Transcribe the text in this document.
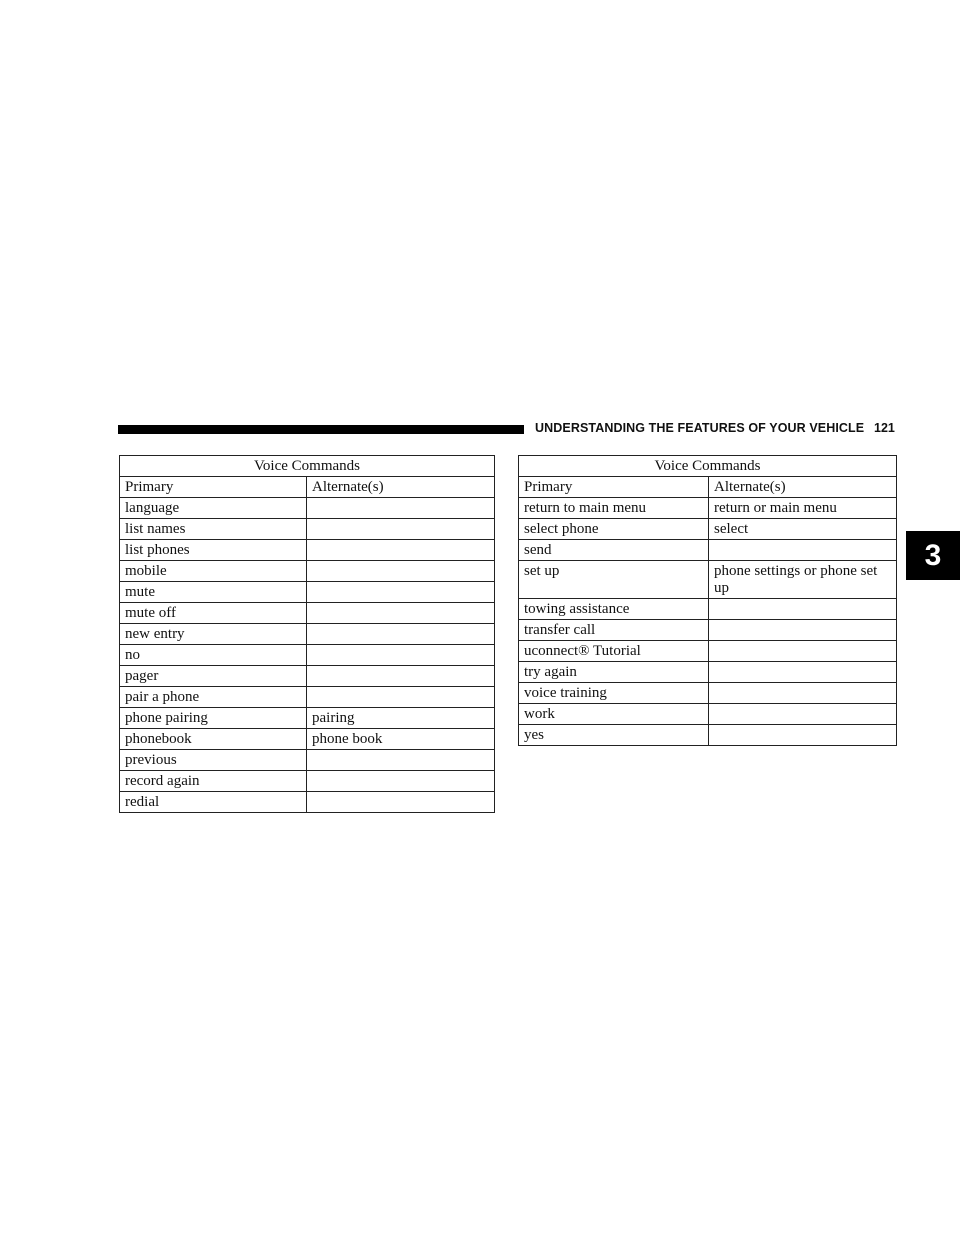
UNDERSTANDING THE FEATURES OF YOUR VEHICLE 121
3
Voice Commands	
Primary	Alternate(s)
language	
list names	
list phones	
mobile	
mute	
mute off	
new entry	
no	
pager	
pair a phone	
phone pairing	pairing
phonebook	phone book
previous	
record again	
redial	
Voice Commands	
Primary	Alternate(s)
return to main menu	return or main menu
select phone	select
send	
set up	phone settings or phone set up
towing assistance	
transfer call	
uconnect® Tutorial	
try again	
voice training	
work	
yes	
